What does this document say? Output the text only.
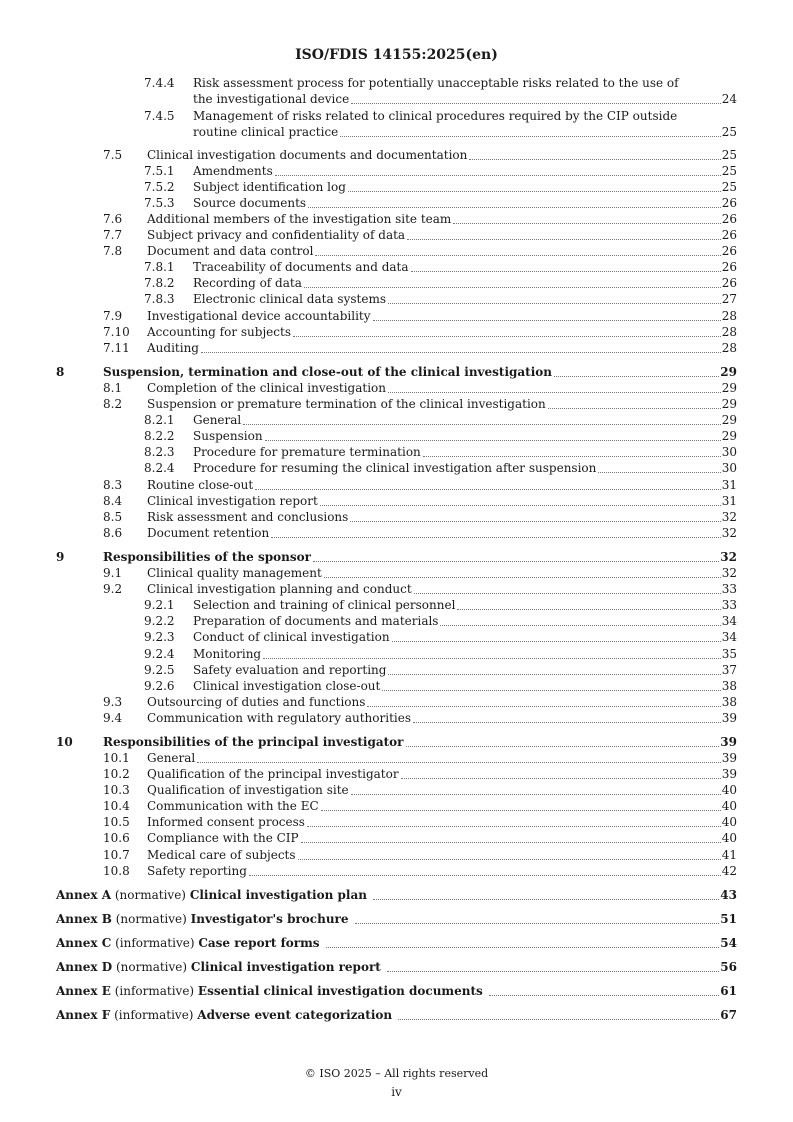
ISO/FDIS 14155:2025(en)
7.4.4 Risk assessment process for potentially unacceptable risks related to the use of
the investigational device	24
7.4.5 Management of risks related to clinical procedures required by the CIP outside
routine clinical practice	25
7.5 Clinical investigation documents and documentation	25
7.5.1 Amendments	25
7.5.2 Subject identification log	25
7.5.3 Source documents	26
7.6 Additional members of the investigation site team	26
7.7 Subject privacy and confidentiality of data	26
7.8 Document and data control	26
7.8.1 Traceability of documents and data	26
7.8.2 Recording of data	26
7.8.3 Electronic clinical data systems	27
7.9 Investigational device accountability	28
7.10 Accounting for subjects	28
7.11 Auditing	28
8	Suspension, termination and close-out of the clinical investigation	29
8.1 Completion of the clinical investigation	29
8.2 Suspension or premature termination of the clinical investigation	29
8.2.1 General	29
8.2.2 Suspension	29
8.2.3 Procedure for premature termination	30
8.2.4 Procedure for resuming the clinical investigation after suspension	30
8.3 Routine close-out	31
8.4 Clinical investigation report	31
8.5 Risk assessment and conclusions	32
8.6 Document retention	32
9	Responsibilities of the sponsor	32
9.1 Clinical quality management	32
9.2 Clinical investigation planning and conduct	33
9.2.1 Selection and training of clinical personnel	33
9.2.2 Preparation of documents and materials	34
9.2.3 Conduct of clinical investigation	34
9.2.4 Monitoring	35
9.2.5 Safety evaluation and reporting	37
9.2.6 Clinical investigation close-out	38
9.3 Outsourcing of duties and functions	38
9.4 Communication with regulatory authorities	39
10	Responsibilities of the principal investigator	39
10.1 General	39
10.2 Qualification of the principal investigator	39
10.3 Qualification of investigation site	40
10.4 Communication with the EC	40
10.5 Informed consent process	40
10.6 Compliance with the CIP	40
10.7 Medical care of subjects	41
10.8 Safety reporting	42
Annex A (normative) Clinical investigation plan	43
Annex B (normative) Investigator's brochure	51
Annex C (informative) Case report forms	54
Annex D (normative) Clinical investigation report	56
Annex E (informative) Essential clinical investigation documents	61
Annex F (informative) Adverse event categorization	67
© ISO 2025 – All rights reserved
iv
